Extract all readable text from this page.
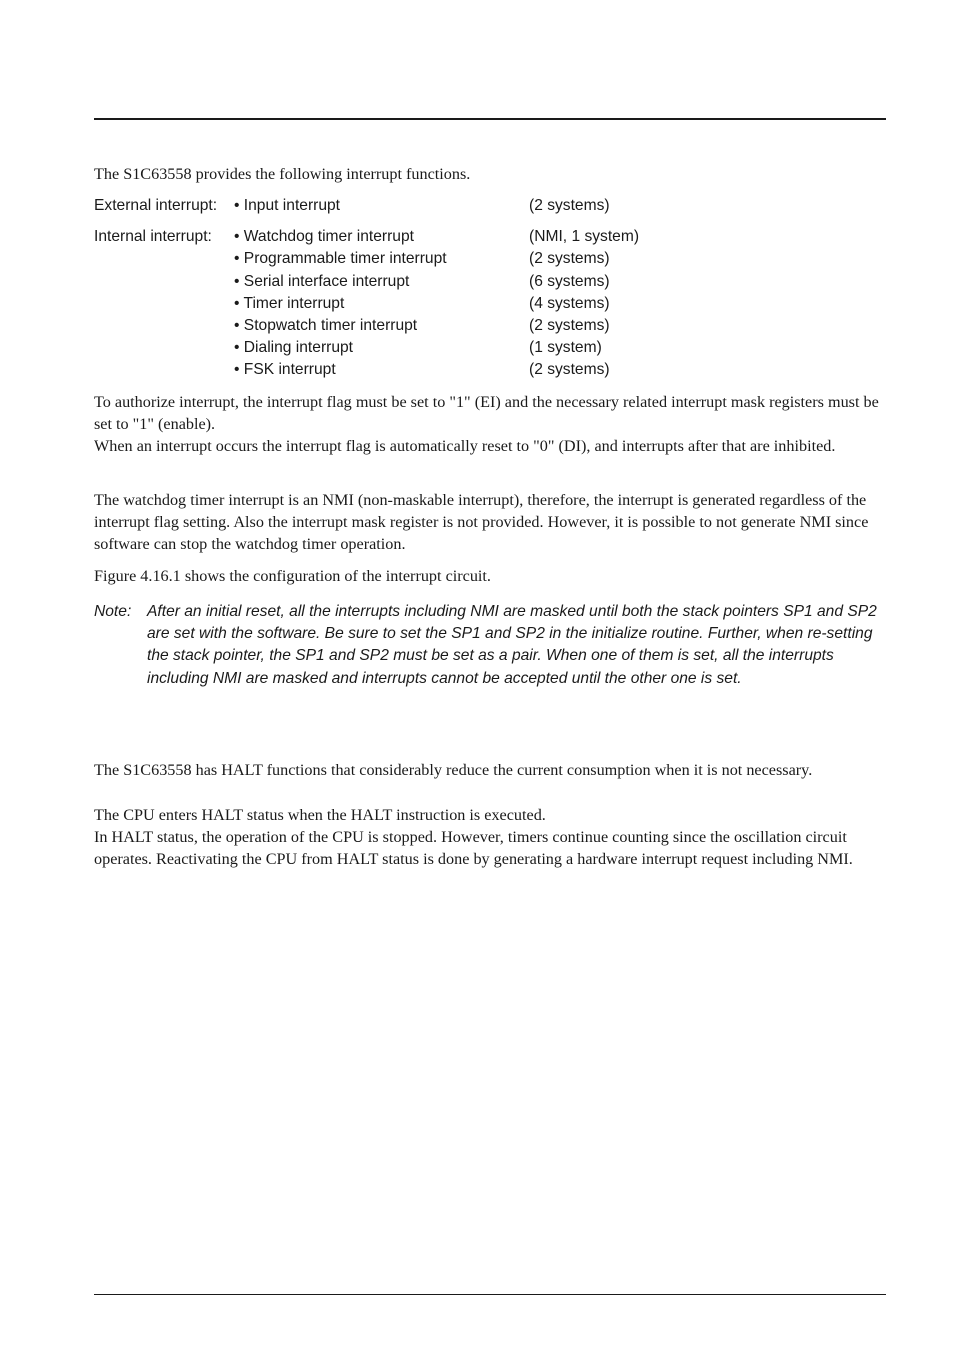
The S1C63558 provides the following interrupt functions.

External interrupt: • Input interrupt	(2 systems)
Internal interrupt: • Watchdog timer interrupt	(NMI, 1 system)
• Programmable timer interrupt	(2 systems)
• Serial interface interrupt	(6 systems)
• Timer interrupt	(4 systems)
• Stopwatch timer interrupt	(2 systems)
• Dialing interrupt	(1 system)
• FSK interrupt	(2 systems)

To authorize interrupt, the interrupt flag must be set to "1" (EI) and the necessary related interrupt mask registers must be set to "1" (enable).

When an interrupt occurs the interrupt flag is automatically reset to "0" (DI), and interrupts after that are inhibited.

The watchdog timer interrupt is an NMI (non-maskable interrupt), therefore, the interrupt is generated regardless of the interrupt flag setting. Also the interrupt mask register is not provided. However, it is possible to not generate NMI since software can stop the watchdog timer operation.

Figure 4.16.1 shows the configuration of the interrupt circuit.

Note: After an initial reset, all the interrupts including NMI are masked until both the stack pointers SP1 and SP2 are set with the software. Be sure to set the SP1 and SP2 in the initialize routine. Further, when re-setting the stack pointer, the SP1 and SP2 must be set as a pair. When one of them is set, all the interrupts including NMI are masked and interrupts cannot be accepted until the other one is set.

The S1C63558 has HALT functions that considerably reduce the current consumption when it is not necessary.

The CPU enters HALT status when the HALT instruction is executed.

In HALT status, the operation of the CPU is stopped. However, timers continue counting since the oscillation circuit operates. Reactivating the CPU from HALT status is done by generating a hardware interrupt request including NMI.
